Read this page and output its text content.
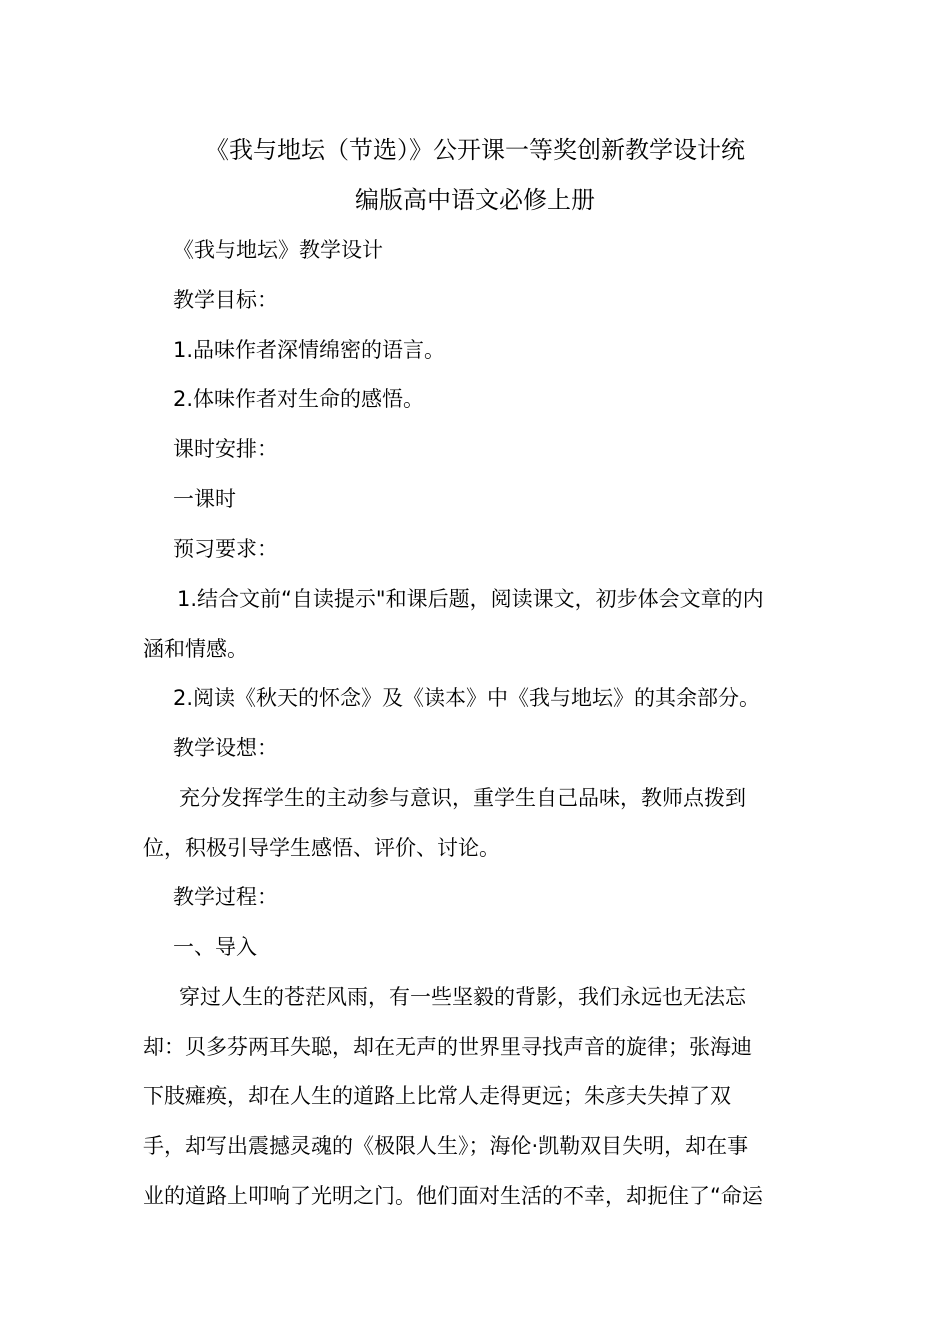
《我与地坛（节选）》公开课一等奖创新教学设计统
编版高中语文必修上册
《我与地坛》教学设计
教学目标：
1.品味作者深情绵密的语言。
2.体味作者对生命的感悟。
课时安排：
一课时
预习要求：
1.结合文前“自读提示"和课后题，阅读课文，初步体会文章的内
涵和情感。
2.阅读《秋天的怀念》及《读本》中《我与地坛》的其余部分。
教学设想：
充分发挥学生的主动参与意识，重学生自己品味，教师点拨到
位，积极引导学生感悟、评价、讨论。
教学过程：
一、导入
穿过人生的苍茫风雨，有一些坚毅的背影，我们永远也无法忘
却：贝多芬两耳失聪，却在无声的世界里寻找声音的旋律；张海迪
下肢瘫痪，却在人生的道路上比常人走得更远；朱彦夫失掉了双
手，却写出震撼灵魂的《极限人生》；海伦·凯勒双目失明，却在事
业的道路上叩响了光明之门。他们面对生活的不幸，却扼住了“命运
